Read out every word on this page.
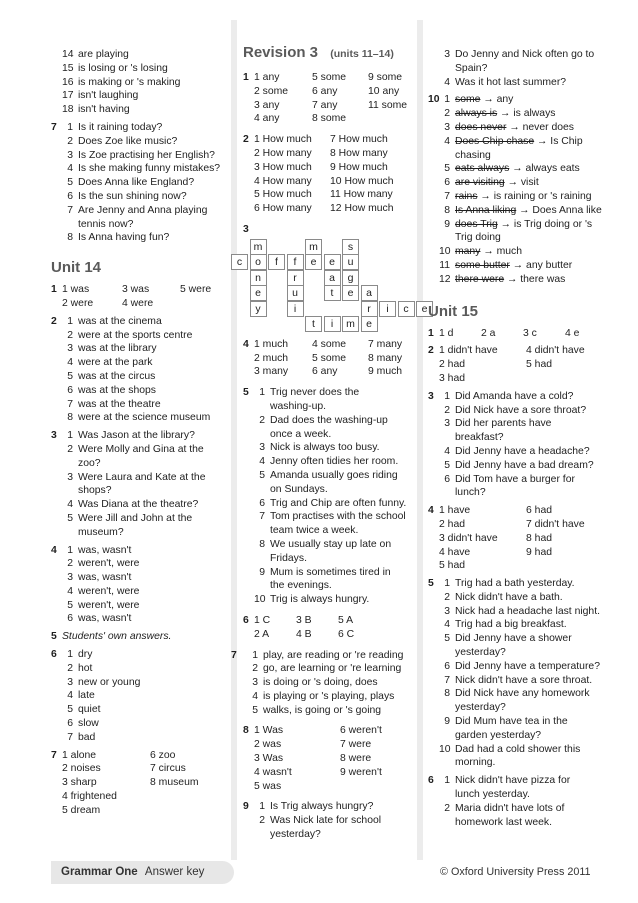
14 are playing
15 is losing or 's losing
16 is making or 's making
17 isn't laughing
18 isn't having
7	1 Is it raining today?
2 Does Zoe like music?
3 Is Zoe practising her English?
4 Is she making funny mistakes?
5 Does Anna like England?
6 Is the sun shining now?
7 Are Jenny and Anna playing
tennis now?
8 Is Anna having fun?
Unit 14
1 1 was	3 was	5 were
2 were	4 were
2	1 was at the cinema
2 were at the sports centre
3 was at the library
4 were at the park
5 was at the circus
6 was at the shops
7 was at the theatre
8 were at the science museum
3	1 Was Jason at the library?
2 Were Molly and Gina at the
zoo?
3 Were Laura and Kate at the
shops?
4 Was Diana at the theatre?
5 Were Jill and John at the
museum?
4	1 was, wasn't
2 weren't, were
3 was, wasn't
4 weren't, were
5 weren't, were
6 was, wasn't
5 Students' own answers.
6	1 dry
2 hot
3 new or young
4 late
5 quiet
6 slow
7 bad
7 1 alone	6 zoo
2 noises	7 circus
3 sharp	8 museum
4 frightened
5 dream
Revision 3 (units 11–14)
1 1 any	5 some	9 some
2 some	6 any	10 any
3 any	7 any	11 some
4 any	8 some
2 1 How much	7 How much
2 How many	8 How many
3 How much	9 How much
4 How many	10 How much
5 How much	11 How many
6 How many	12 How much
3
m	m	s
c	o	f	f	e	e	u
n	r	a	g
e	u	t	e	a
y	i	r	i	c	e
t	i	m	e
4 1 much	4 some	7 many
2 much	5 some	8 many
3 many	6 any	9 much
5	1 Trig never does the
washing-up.
2 Dad does the washing-up
once a week.
3 Nick is always too busy.
4 Jenny often tidies her room.
5 Amanda usually goes riding
on Sundays.
6 Trig and Chip are often funny.
7 Tom practises with the school
team twice a week.
8 We usually stay up late on
Fridays.
9 Mum is sometimes tired in
the evenings.
10 Trig is always hungry.
6 1 C	3 B	5 A
2 A	4 B	6 C
7	1 play, are reading or 're reading
2 go, are learning or 're learning
3 is doing or 's doing, does
4 is playing or 's playing, plays
5 walks, is going or 's going
8 1 Was	6 weren't
2 was	7 were
3 Was	8 were
4 wasn't	9 weren't
5 was
9	1 Is Trig always hungry?
2 Was Nick late for school
yesterday?
3 Do Jenny and Nick often go to
Spain?
4 Was it hot last summer?
10 1 some → any
2 always is → is always
3 does never → never does
4 Does Chip chase → Is Chip
chasing
5 eats always → always eats
6 are visiting → visit
7 rains → is raining or 's raining
8 Is Anna liking → Does Anna like
9 does Trig → is Trig doing or 's
Trig doing
10 many → much
11 some butter → any butter
12 there were → there was
Unit 15
1 1 d	2 a	3 c	4 e
2 1 didn't have	4 didn't have
2 had	5 had
3 had
3	1 Did Amanda have a cold?
2 Did Nick have a sore throat?
3 Did her parents have
breakfast?
4 Did Jenny have a headache?
5 Did Jenny have a bad dream?
6 Did Tom have a burger for
lunch?
4 1 have	6 had
2 had	7 didn't have
3 didn't have	8 had
4 have	9 had
5 had
5	1 Trig had a bath yesterday.
2 Nick didn't have a bath.
3 Nick had a headache last night.
4 Trig had a big breakfast.
5 Did Jenny have a shower
yesterday?
6 Did Jenny have a temperature?
7 Nick didn't have a sore throat.
8 Did Nick have any homework
yesterday?
9 Did Mum have tea in the
garden yesterday?
10 Dad had a cold shower this
morning.
6	1 Nick didn't have pizza for
lunch yesterday.
2 Maria didn't have lots of
homework last week.
Grammar One Answer key	© Oxford University Press 2011
